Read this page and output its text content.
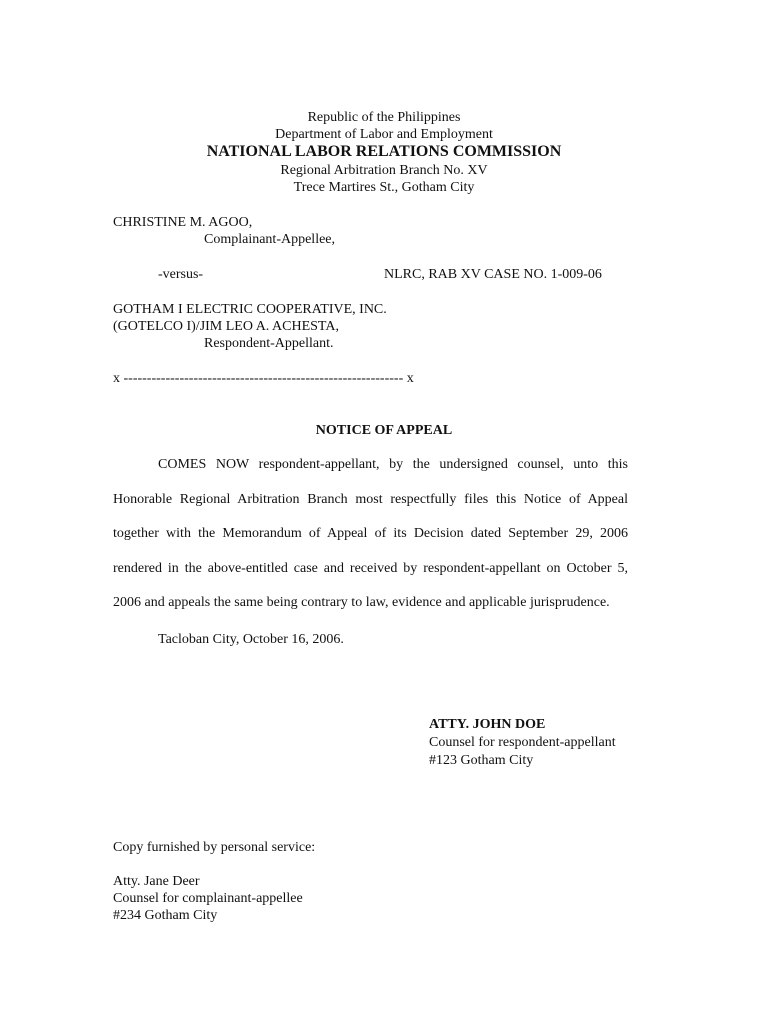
Republic of the Philippines
Department of Labor and Employment
NATIONAL LABOR RELATIONS COMMISSION
Regional Arbitration Branch No. XV
Trece Martires St., Gotham City
CHRISTINE M. AGOO,
Complainant-Appellee,
-versus-	NLRC, RAB XV CASE NO. 1-009-06
GOTHAM I ELECTRIC COOPERATIVE, INC.
(GOTELCO I)/JIM LEO A. ACHESTA,
Respondent-Appellant.
x ------------------------------------------------------------ x
NOTICE OF APPEAL

COMES NOW respondent-appellant, by the undersigned counsel, unto this Honorable Regional Arbitration Branch most respectfully files this Notice of Appeal together with the Memorandum of Appeal of its Decision dated September 29, 2006 rendered in the above-entitled case and received by respondent-appellant on October 5, 2006 and appeals the same being contrary to law, evidence and applicable jurisprudence.

Tacloban City, October 16, 2006.
ATTY. JOHN DOE
Counsel for respondent-appellant
#123 Gotham City
Copy furnished by personal service:
Atty. Jane Deer
Counsel for complainant-appellee
#234 Gotham City
